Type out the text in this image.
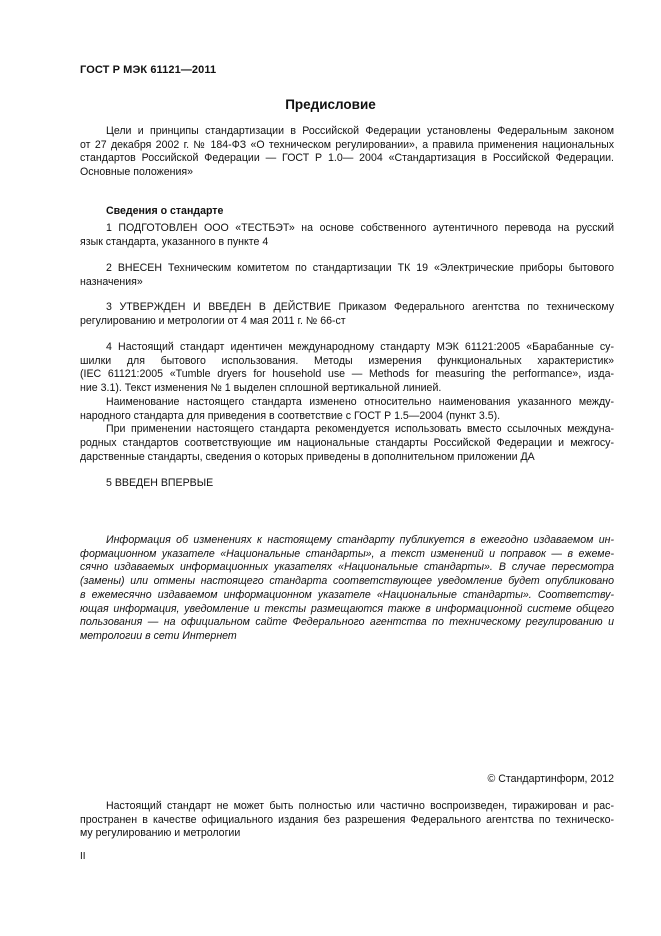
ГОСТ Р МЭК 61121—2011
Предисловие

Цели и принципы стандартизации в Российской Федерации установлены Федеральным законом
от 27 декабря 2002 г. № 184-ФЗ «О техническом регулировании», а правила применения национальных
стандартов Российской Федерации — ГОСТ Р 1.0— 2004 «Стандартизация в Российской Федерации.
Основные положения»

Сведения о стандарте

1 ПОДГОТОВЛЕН ООО «ТЕСТБЭТ» на основе собственного аутентичного перевода на русский
язык стандарта, указанного в пункте 4

2 ВНЕСЕН Техническим комитетом по стандартизации ТК 19 «Электрические приборы бытового
назначения»

3 УТВЕРЖДЕН И ВВЕДЕН В ДЕЙСТВИЕ Приказом Федерального агентства по техническому
регулированию и метрологии от 4 мая 2011 г. № 66-ст

4 Настоящий стандарт идентичен международному стандарту МЭК 61121:2005 «Барабанные су-
шилки для бытового использования. Методы измерения функциональных характеристик»
(IEC 61121:2005 «Tumble dryers for household use — Methods for measuring the performance», изда-
ние 3.1). Текст изменения № 1 выделен сплошной вертикальной линией.
Наименование настоящего стандарта изменено относительно наименования указанного между-
народного стандарта для приведения в соответствие с ГОСТ Р 1.5—2004 (пункт 3.5).
При применении настоящего стандарта рекомендуется использовать вместо ссылочных междуна-
родных стандартов соответствующие им национальные стандарты Российской Федерации и межгосу-
дарственные стандарты, сведения о которых приведены в дополнительном приложении ДА

5 ВВЕДЕН ВПЕРВЫЕ

Информация об изменениях к настоящему стандарту публикуется в ежегодно издаваемом ин-
формационном указателе «Национальные стандарты», а текст изменений и поправок — в ежеме-
сячно издаваемых информационных указателях «Национальные стандарты». В случае пересмотра
(замены) или отмены настоящего стандарта соответствующее уведомление будет опубликовано
в ежемесячно издаваемом информационном указателе «Национальные стандарты». Соответству-
ющая информация, уведомление и тексты размещаются также в информационной системе общего
пользования — на официальном сайте Федерального агентства по техническому регулированию и
метрологии в сети Интернет

© Стандартинформ, 2012

Настоящий стандарт не может быть полностью или частично воспроизведен, тиражирован и рас-
пространен в качестве официального издания без разрешения Федерального агентства по техническо-
му регулированию и метрологии

II
